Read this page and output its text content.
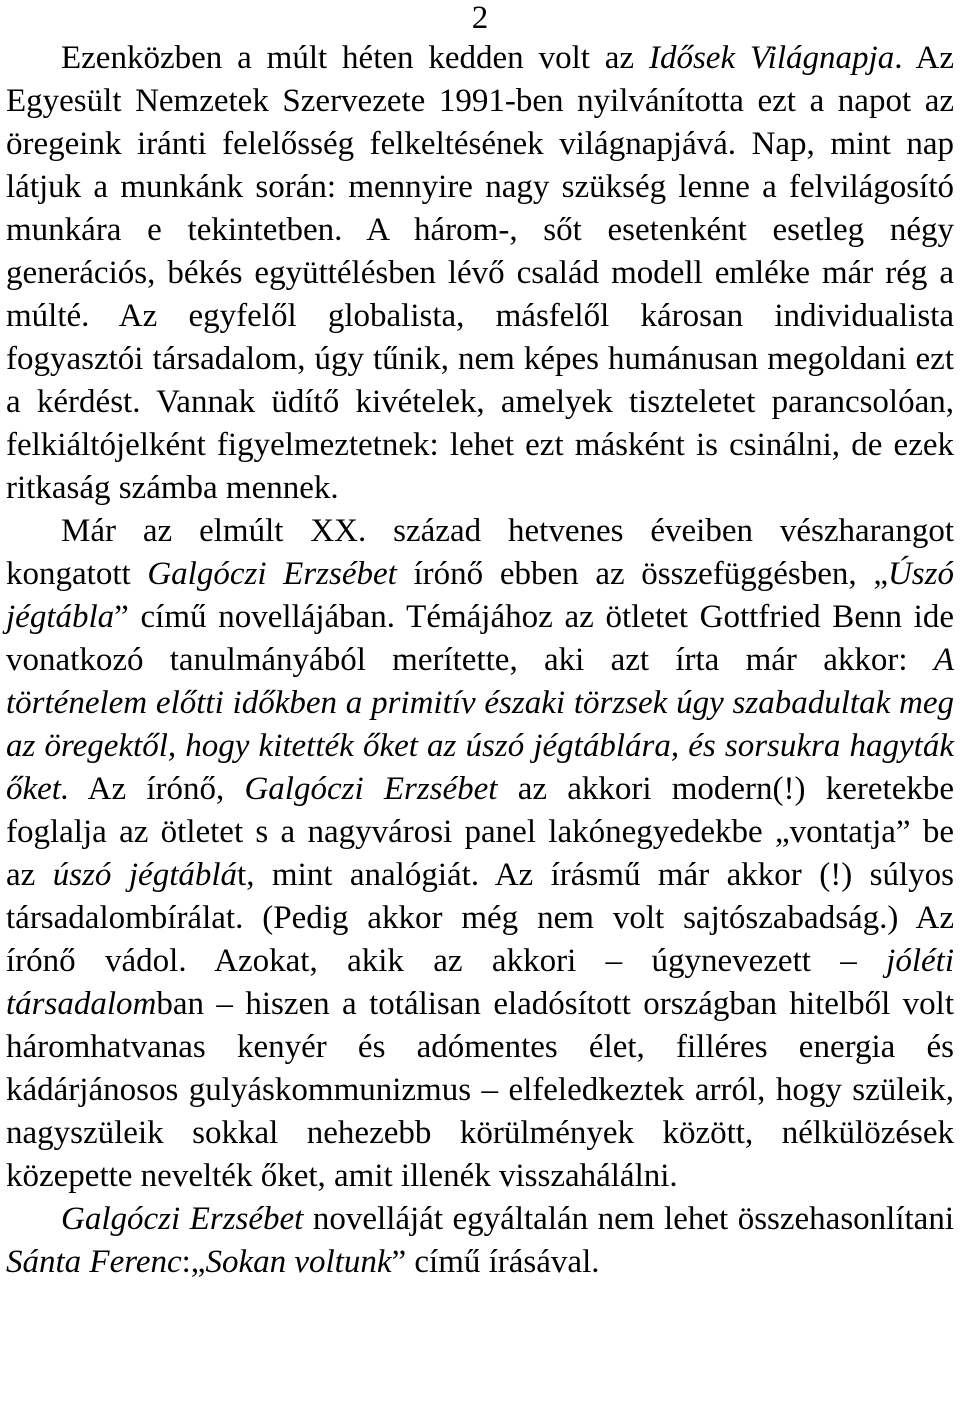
2

Ezenközben a múlt héten kedden volt az Idősek Világnapja. Az Egyesült Nemzetek Szervezete 1991-ben nyilvánította ezt a napot az öregeink iránti felelősség felkeltésének világnapjává. Nap, mint nap látjuk a munkánk során: mennyire nagy szükség lenne a felvilágosító munkára e tekintetben. A három-, sőt esetenként esetleg négy generációs, békés együttélésben lévő család modell emléke már rég a múlté. Az egyfelől globalista, másfelől károsan individualista fogyasztói társadalom, úgy tűnik, nem képes humánusan megoldani ezt a kérdést. Vannak üdítő kivételek, amelyek tiszteletet parancsolóan, felkiáltójelként figyelmeztetnek: lehet ezt másként is csinálni, de ezek ritkaság számba mennek.

Már az elmúlt XX. század hetvenes éveiben vészharangot kongatott Galgóczi Erzsébet írónő ebben az összefüggésben, „Úszó jégtábla” című novellájában. Témájához az ötletet Gottfried Benn ide vonatkozó tanulmányából merítette, aki azt írta már akkor: A történelem előtti időkben a primitív északi törzsek úgy szabadultak meg az öregektől, hogy kitették őket az úszó jégtáblára, és sorsukra hagyták őket. Az írónő, Galgóczi Erzsébet az akkori modern(!) keretekbe foglalja az ötletet s a nagyvárosi panel lakónegyedekbe „vontatja” be az úszó jégtáblát, mint analógiát. Az írásmű már akkor (!) súlyos társadalombírálat. (Pedig akkor még nem volt sajtószabadság.) Az írónő vádol. Azokat, akik az akkori – úgynevezett – jóléti társadalomban – hiszen a totálisan eladósított országban hitelből volt háromhatvanas kenyér és adómentes élet, filléres energia és kádárjánosos gulyáskommunizmus – elfeledkeztek arról, hogy szüleik, nagyszüleik sokkal nehezebb körülmények között, nélkülözések közepette nevelték őket, amit illenék visszahálálni.

Galgóczi Erzsébet novelláját egyáltalán nem lehet összehasonlítani Sánta Ferenc:„Sokan voltunk” című írásával.
